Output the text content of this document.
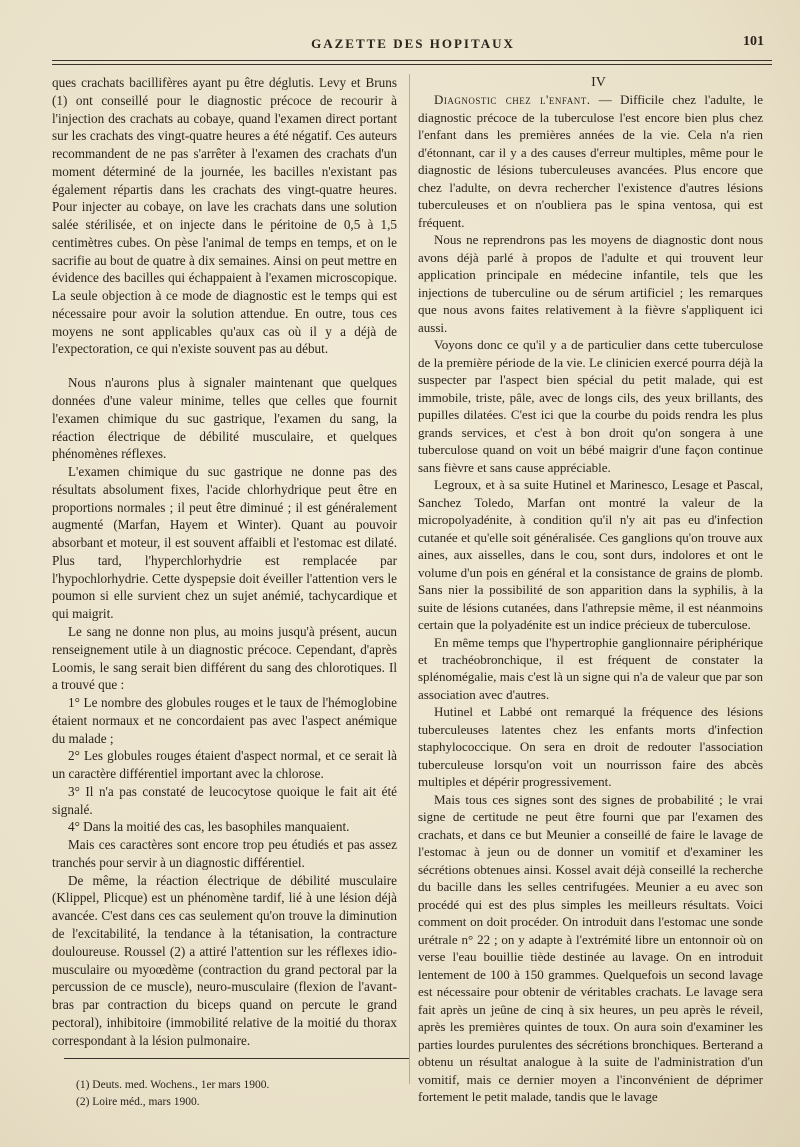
GAZETTE DES HOPITAUX	101

ques crachats bacillifères ayant pu être déglutis. Levy et Bruns (1) ont conseillé pour le diagnostic précoce de recourir à l'injection des crachats au cobaye, quand l'examen direct portant sur les crachats des vingt-quatre heures a été négatif. Ces auteurs recommandent de ne pas s'arrêter à l'examen des crachats d'un moment déterminé de la journée, les bacilles n'existant pas également répartis dans les crachats des vingt-quatre heures. Pour injecter au cobaye, on lave les crachats dans une solution salée stérilisée, et on injecte dans le péritoine de 0,5 à 1,5 centimètres cubes. On pèse l'animal de temps en temps, et on le sacrifie au bout de quatre à dix semaines. Ainsi on peut mettre en évidence des bacilles qui échappaient à l'examen microscopique. La seule objection à ce mode de diagnostic est le temps qui est nécessaire pour avoir la solution attendue. En outre, tous ces moyens ne sont applicables qu'aux cas où il y a déjà de l'expectoration, ce qui n'existe souvent pas au début.

Nous n'aurons plus à signaler maintenant que quelques données d'une valeur minime, telles que celles que fournit l'examen chimique du suc gastrique, l'examen du sang, la réaction électrique de débilité musculaire, et quelques phénomènes réflexes.

L'examen chimique du suc gastrique ne donne pas des résultats absolument fixes, l'acide chlorhydrique peut être en proportions normales ; il peut être diminué ; il est généralement augmenté (Marfan, Hayem et Winter). Quant au pouvoir absorbant et moteur, il est souvent affaibli et l'estomac est dilaté. Plus tard, l'hyperchlorhydrie est remplacée par l'hypochlorhydrie. Cette dyspepsie doit éveiller l'attention vers le poumon si elle survient chez un sujet anémié, tachycardique et qui maigrit.

Le sang ne donne non plus, au moins jusqu'à présent, aucun renseignement utile à un diagnostic précoce. Cependant, d'après Loomis, le sang serait bien différent du sang des chlorotiques. Il a trouvé que :

1° Le nombre des globules rouges et le taux de l'hémoglobine étaient normaux et ne concordaient pas avec l'aspect anémique du malade ;

2° Les globules rouges étaient d'aspect normal, et ce serait là un caractère différentiel important avec la chlorose.

3° Il n'a pas constaté de leucocytose quoique le fait ait été signalé.

4° Dans la moitié des cas, les basophiles manquaient.

Mais ces caractères sont encore trop peu étudiés et pas assez tranchés pour servir à un diagnostic différentiel.

De même, la réaction électrique de débilité musculaire (Klippel, Plicque) est un phénomène tardif, lié à une lésion déjà avancée. C'est dans ces cas seulement qu'on trouve la diminution de l'excitabilité, la tendance à la tétanisation, la contracture douloureuse. Roussel (2) a attiré l'attention sur les réflexes idio-musculaire ou myoœdème (contraction du grand pectoral par la percussion de ce muscle), neuro-musculaire (flexion de l'avant-bras par contraction du biceps quand on percute le grand pectoral), inhibitoire (immobilité relative de la moitié du thorax correspondant à la lésion pulmonaire.

(1) Deuts. med. Wochens., 1er mars 1900.
(2) Loire méd., mars 1900.

IV

Diagnostic chez l'enfant. — Difficile chez l'adulte, le diagnostic précoce de la tuberculose l'est encore bien plus chez l'enfant dans les premières années de la vie. Cela n'a rien d'étonnant, car il y a des causes d'erreur multiples, même pour le diagnostic de lésions tuberculeuses avancées. Plus encore que chez l'adulte, on devra rechercher l'existence d'autres lésions tuberculeuses et on n'oubliera pas le spina ventosa, qui est fréquent.

Nous ne reprendrons pas les moyens de diagnostic dont nous avons déjà parlé à propos de l'adulte et qui trouvent leur application principale en médecine infantile, tels que les injections de tuberculine ou de sérum artificiel ; les remarques que nous avons faites relativement à la fièvre s'appliquent ici aussi.

Voyons donc ce qu'il y a de particulier dans cette tuberculose de la première période de la vie. Le clinicien exercé pourra déjà la suspecter par l'aspect bien spécial du petit malade, qui est immobile, triste, pâle, avec de longs cils, des yeux brillants, des pupilles dilatées. C'est ici que la courbe du poids rendra les plus grands services, et c'est à bon droit qu'on songera à une tuberculose quand on voit un bébé maigrir d'une façon continue sans fièvre et sans cause appréciable.

Legroux, et à sa suite Hutinel et Marinesco, Lesage et Pascal, Sanchez Toledo, Marfan ont montré la valeur de la micropolyadénite, à condition qu'il n'y ait pas eu d'infection cutanée et qu'elle soit généralisée. Ces ganglions qu'on trouve aux aines, aux aisselles, dans le cou, sont durs, indolores et ont le volume d'un pois en général et la consistance de grains de plomb. Sans nier la possibilité de son apparition dans la syphilis, à la suite de lésions cutanées, dans l'athrepsie même, il est néanmoins certain que la polyadénite est un indice précieux de tuberculose.

En même temps que l'hypertrophie ganglionnaire périphérique et trachéobronchique, il est fréquent de constater la splénomégalie, mais c'est là un signe qui n'a de valeur que par son association avec d'autres.

Hutinel et Labbé ont remarqué la fréquence des lésions tuberculeuses latentes chez les enfants morts d'infection staphylococcique. On sera en droit de redouter l'association tuberculeuse lorsqu'on voit un nourrisson faire des abcès multiples et dépérir progressivement.

Mais tous ces signes sont des signes de probabilité ; le vrai signe de certitude ne peut être fourni que par l'examen des crachats, et dans ce but Meunier a conseillé de faire le lavage de l'estomac à jeun ou de donner un vomitif et d'examiner les sécrétions obtenues ainsi. Kossel avait déjà conseillé la recherche du bacille dans les selles centrifugées. Meunier a eu avec son procédé qui est des plus simples les meilleurs résultats. Voici comment on doit procéder. On introduit dans l'estomac une sonde urétrale n° 22 ; on y adapte à l'extrémité libre un entonnoir où on verse l'eau bouillie tiède destinée au lavage. On en introduit lentement de 100 à 150 grammes. Quelquefois un second lavage est nécessaire pour obtenir de véritables crachats. Le lavage sera fait après un jeûne de cinq à six heures, un peu après le réveil, après les premières quintes de toux. On aura soin d'examiner les parties lourdes purulentes des sécrétions bronchiques. Berterand a obtenu un résultat analogue à la suite de l'administration d'un vomitif, mais ce dernier moyen a l'inconvénient de déprimer fortement le petit malade, tandis que le lavage
